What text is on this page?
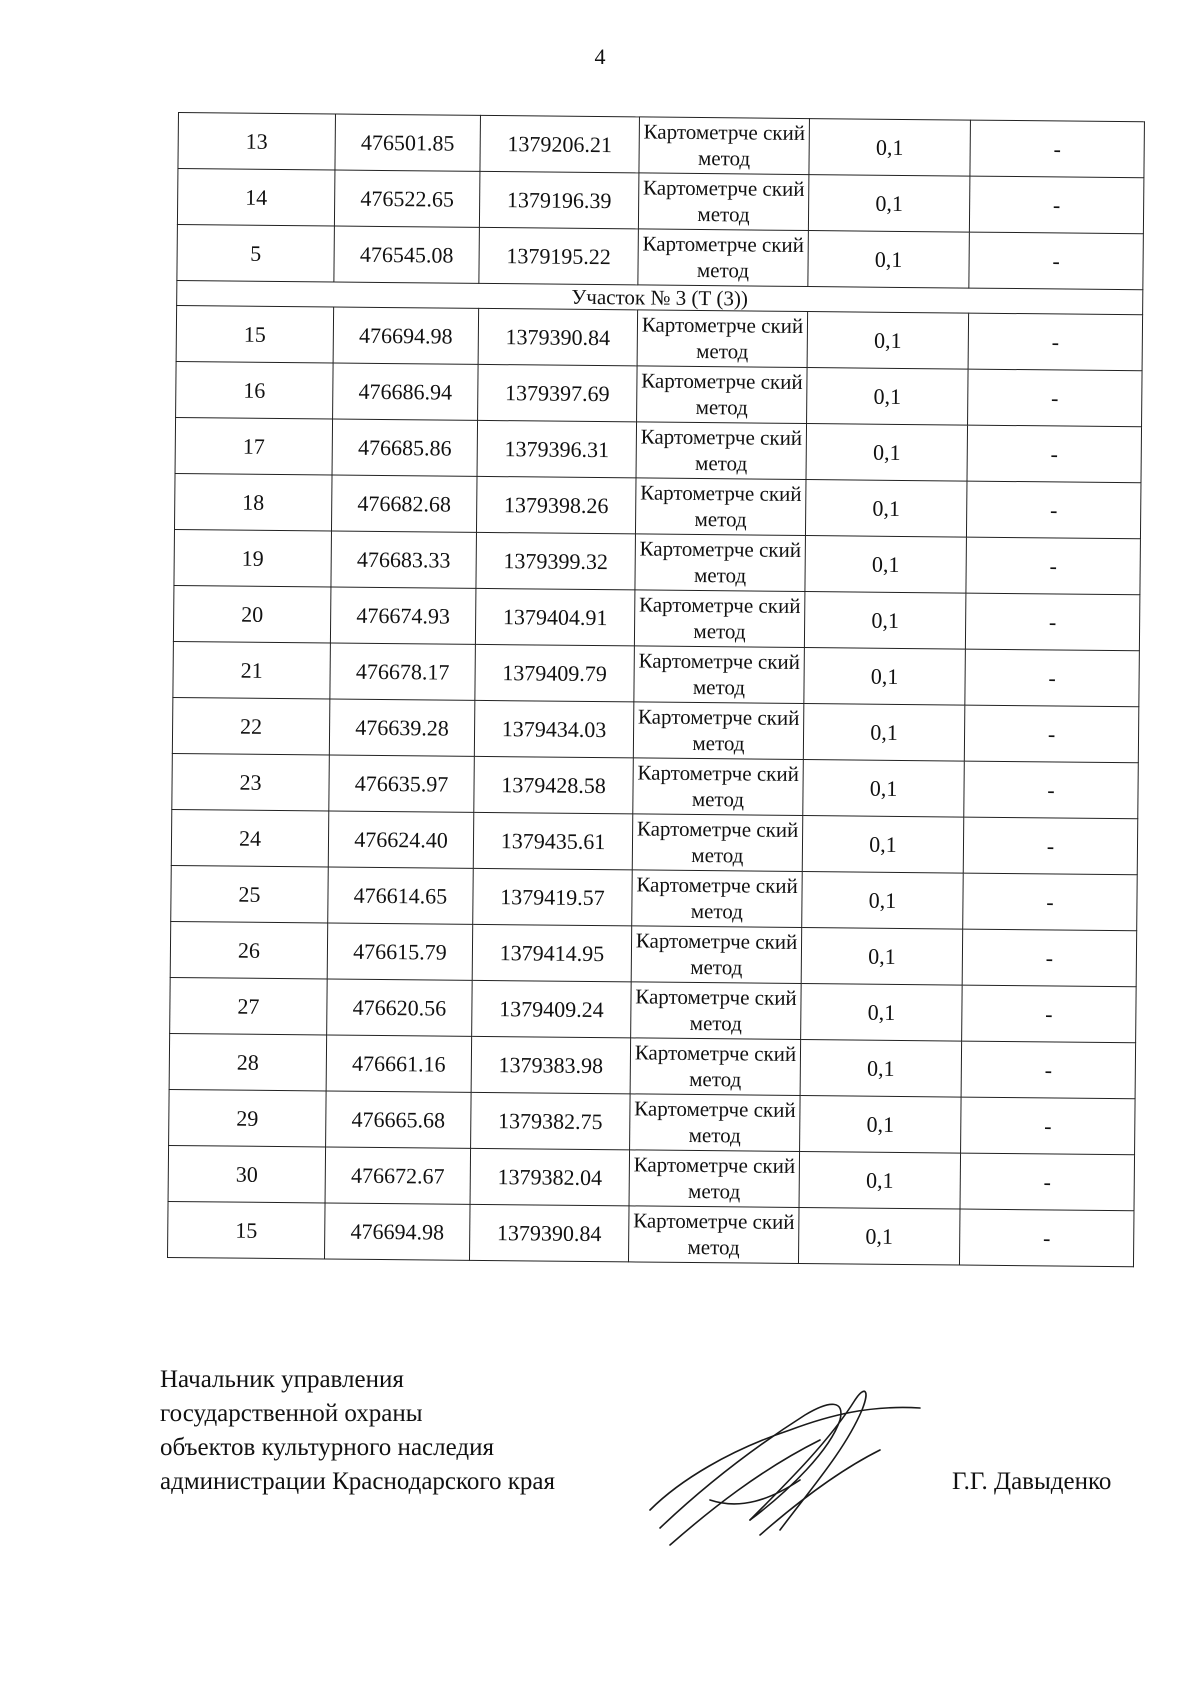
4
13	476501.85	1379206.21	Картометрче ский метод	0,1	-
14	476522.65	1379196.39	Картометрче ский метод	0,1	-
5	476545.08	1379195.22	Картометрче ский метод	0,1	-
Участок № 3 (Т (3))					
15	476694.98	1379390.84	Картометрче ский метод	0,1	-
16	476686.94	1379397.69	Картометрче ский метод	0,1	-
17	476685.86	1379396.31	Картометрче ский метод	0,1	-
18	476682.68	1379398.26	Картометрче ский метод	0,1	-
19	476683.33	1379399.32	Картометрче ский метод	0,1	-
20	476674.93	1379404.91	Картометрче ский метод	0,1	-
21	476678.17	1379409.79	Картометрче ский метод	0,1	-
22	476639.28	1379434.03	Картометрче ский метод	0,1	-
23	476635.97	1379428.58	Картометрче ский метод	0,1	-
24	476624.40	1379435.61	Картометрче ский метод	0,1	-
25	476614.65	1379419.57	Картометрче ский метод	0,1	-
26	476615.79	1379414.95	Картометрче ский метод	0,1	-
27	476620.56	1379409.24	Картометрче ский метод	0,1	-
28	476661.16	1379383.98	Картометрче ский метод	0,1	-
29	476665.68	1379382.75	Картометрче ский метод	0,1	-
30	476672.67	1379382.04	Картометрче ский метод	0,1	-
15	476694.98	1379390.84	Картометрче ский метод	0,1	-
Начальник управления
государственной охраны
объектов культурного наследия
администрации Краснодарского края	Г.Г. Давыденко
